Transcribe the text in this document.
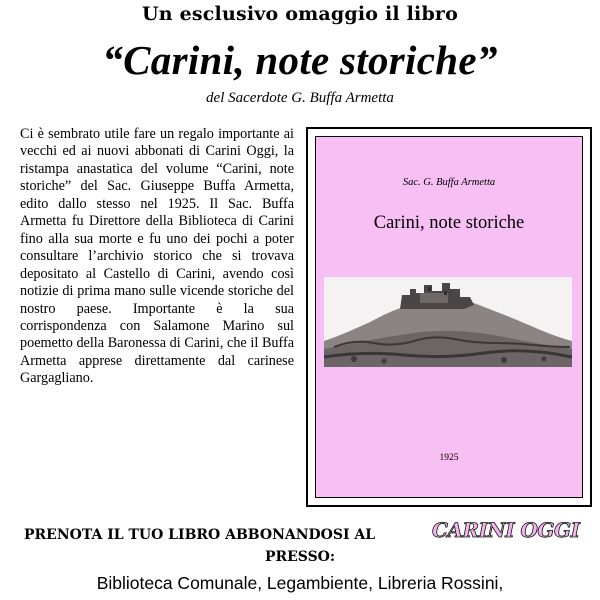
Un esclusivo omaggio il libro
“Carini, note storiche”
del Sacerdote G. Buffa Armetta
Ci è sembrato utile fare un regalo importante ai vecchi ed ai nuovi abbonati di Carini Oggi, la ristampa anastatica del volume “Carini, note storiche” del Sac. Giuseppe Buffa Armetta, edito dallo stesso nel 1925. Il Sac. Buffa Armetta fu Direttore della Biblioteca di Carini fino alla sua morte e fu uno dei pochi a poter consultare l’archivio storico che si trovava depositato al Castello di Carini, avendo così notizie di prima mano sulle vicende storiche del nostro paese. Importante è la sua corrispondenza con Salamone Marino sul poemetto della Baronessa di Carini, che il Buffa Armetta apprese direttamente dal carinese Gargagliano.
Sac. G. Buffa Armetta
Carini, note storiche
1925
PRENOTA IL TUO LIBRO ABBONANDOSI AL	CARINI OGGI
PRESSO:
Biblioteca Comunale, Legambiente, Libreria Rossini,
